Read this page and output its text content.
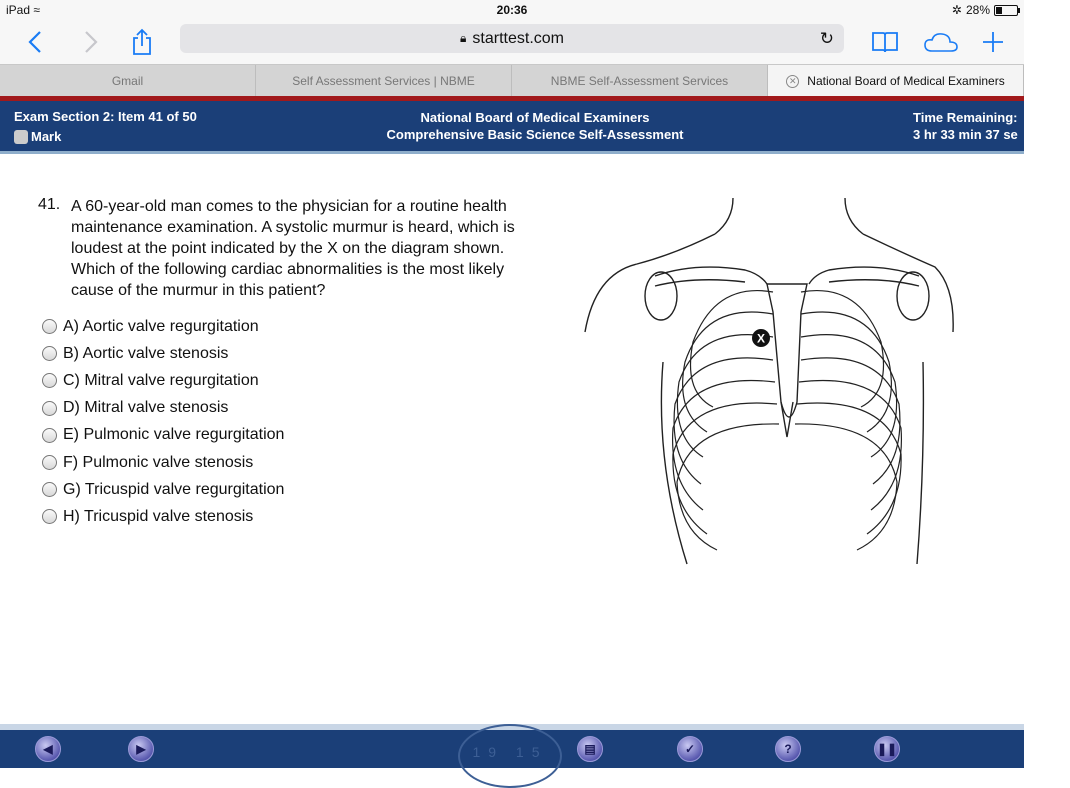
iPad ≈	20:36	✲ 28%
🔒︎ starttest.com	↻
Gmail	Self Assessment Services | NBME	NBME Self-Assessment Services	✕ National Board of Medical Examiners
Exam Section 2: Item 41 of 50
Mark
National Board of Medical Examiners
Comprehensive Basic Science Self-Assessment
Time Remaining:
3 hr 33 min 37 se
41. A 60-year-old man comes to the physician for a routine health maintenance examination. A systolic murmur is heard, which is loudest at the point indicated by the X on the diagram shown. Which of the following cardiac abnormalities is the most likely cause of the murmur in this patient?
A) Aortic valve regurgitation
B) Aortic valve stenosis
C) Mitral valve regurgitation
D) Mitral valve stenosis
E) Pulmonic valve regurgitation
F) Pulmonic valve stenosis
G) Tricuspid valve regurgitation
H) Tricuspid valve stenosis
X
19 15
◀
Previous
▶
Next
▤
Lab Values
✓
Review
?
Help
❚❚
Pause
